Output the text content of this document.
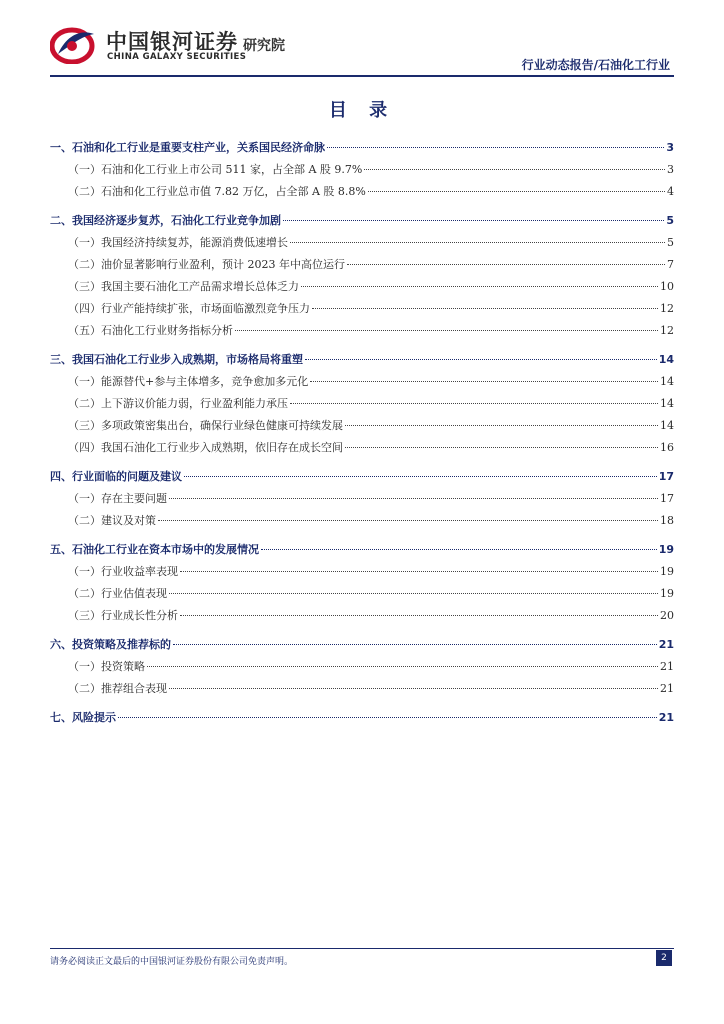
中国银河证券
CHINA GALAXY SECURITIES
研究院
行业动态报告/石油化工行业
目 录
一、石油和化工行业是重要支柱产业，关系国民经济命脉	3
（一）石油和化工行业上市公司 511 家，占全部 A 股 9.7%	3
（二）石油和化工行业总市值 7.82 万亿，占全部 A 股 8.8%	4
二、我国经济逐步复苏，石油化工行业竞争加剧	5
（一）我国经济持续复苏，能源消费低速增长	5
（二）油价显著影响行业盈利，预计 2023 年中高位运行	7
（三）我国主要石油化工产品需求增长总体乏力	10
（四）行业产能持续扩张，市场面临激烈竞争压力	12
（五）石油化工行业财务指标分析	12
三、我国石油化工行业步入成熟期，市场格局将重塑	14
（一）能源替代+参与主体增多，竞争愈加多元化	14
（二）上下游议价能力弱，行业盈利能力承压	14
（三）多项政策密集出台，确保行业绿色健康可持续发展	14
（四）我国石油化工行业步入成熟期，依旧存在成长空间	16
四、行业面临的问题及建议	17
（一）存在主要问题	17
（二）建议及对策	18
五、石油化工行业在资本市场中的发展情况	19
（一）行业收益率表现	19
（二）行业估值表现	19
（三）行业成长性分析	20
六、投资策略及推荐标的	21
（一）投资策略	21
（二）推荐组合表现	21
七、风险提示	21
请务必阅读正文最后的中国银河证券股份有限公司免责声明。	2
